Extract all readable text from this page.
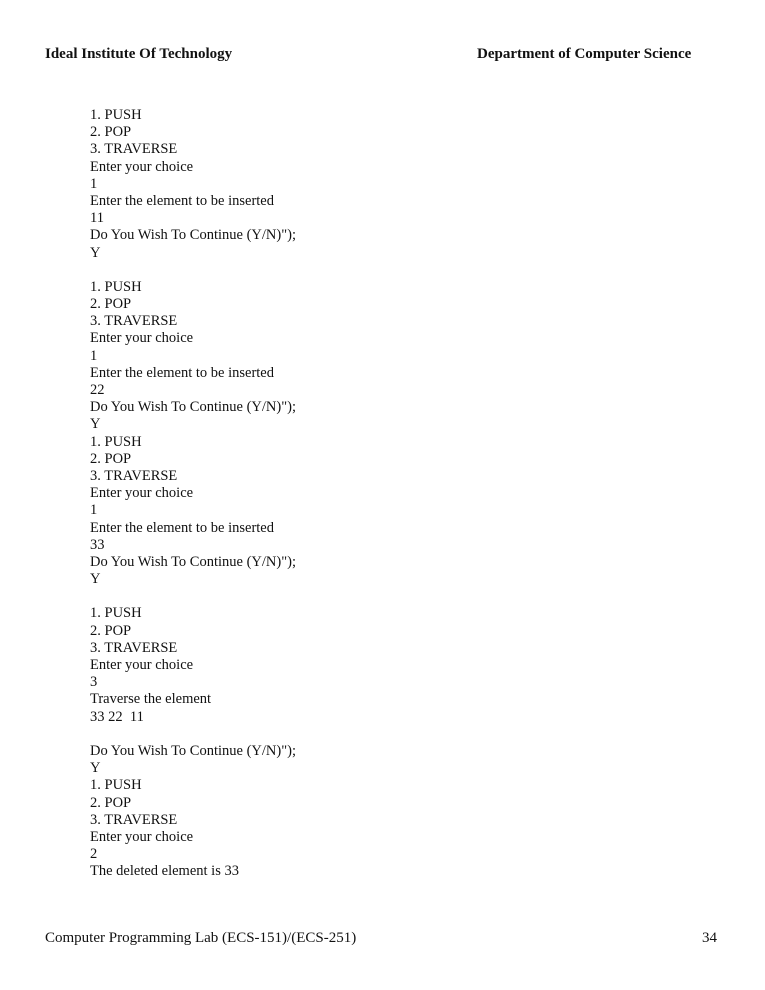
Ideal Institute Of Technology	Department of Computer Science
1. PUSH
2. POP
3. TRAVERSE
Enter your choice
1
Enter the element to be inserted
11
Do You Wish To Continue (Y/N)");
Y
1. PUSH
2. POP
3. TRAVERSE
Enter your choice
1
Enter the element to be inserted
22
Do You Wish To Continue (Y/N)");
Y
1. PUSH
2. POP
3. TRAVERSE
Enter your choice
1
Enter the element to be inserted
33
Do You Wish To Continue (Y/N)");
Y
1. PUSH
2. POP
3. TRAVERSE
Enter your choice
3
Traverse the element
33 22  11
Do You Wish To Continue (Y/N)");
Y
1. PUSH
2. POP
3. TRAVERSE
Enter your choice
2
The deleted element is 33
Computer Programming Lab (ECS-151)/(ECS-251)	34
